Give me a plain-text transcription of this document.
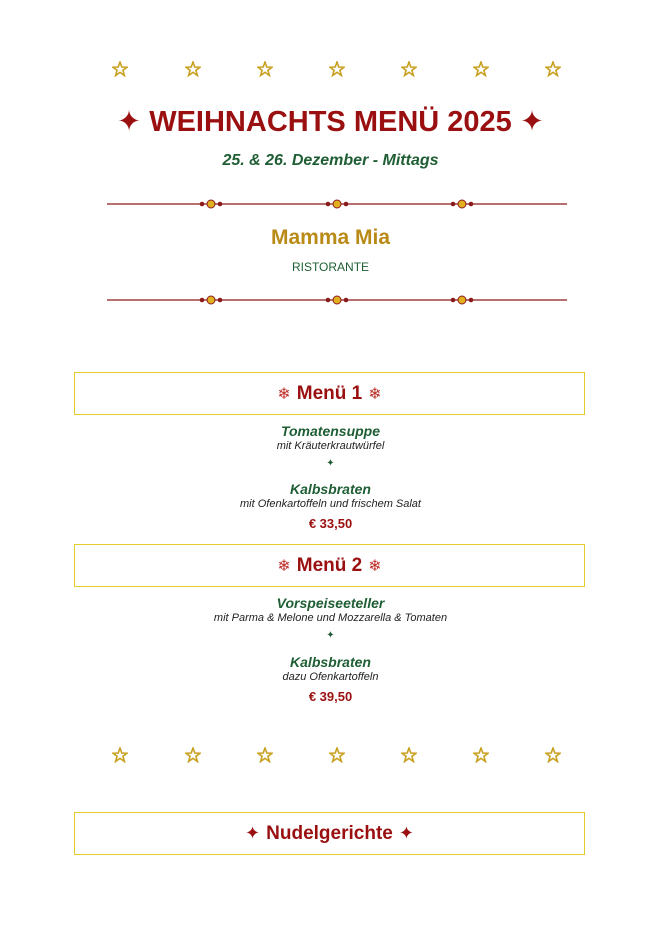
✦ WEIHNACHTS MENÜ 2025 ✦
25. & 26. Dezember - Mittags
Mamma Mia
RISTORANTE
❄ Menü 1 ❄
Tomatensuppe
mit Kräuterkrautwürfel
✦
Kalbsbraten
mit Ofenkartoffeln und frischem Salat
€ 33,50
❄ Menü 2 ❄
Vorspeiseeteller
mit Parma & Melone und Mozzarella & Tomaten
✦
Kalbsbraten
dazu Ofenkartoffeln
€ 39,50
✦ Nudelgerichte ✦
